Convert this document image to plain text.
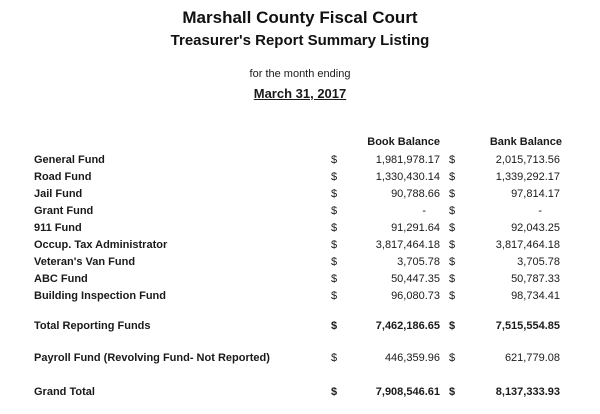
Marshall County Fiscal Court
Treasurer's Report Summary Listing
for the month ending
March 31, 2017
Book Balance	Bank Balance
General Fund	$	1,981,978.17 $	2,015,713.56
Road Fund	$	1,330,430.14 $	1,339,292.17
Jail Fund	$	90,788.66 $	97,814.17
Grant Fund	$	-	$	-
911 Fund	$	91,291.64 $	92,043.25
Occup. Tax Administrator	$	3,817,464.18 $	3,817,464.18
Veteran's Van Fund	$	3,705.78 $	3,705.78
ABC Fund	$	50,447.35 $	50,787.33
Building Inspection Fund	$	96,080.73 $	98,734.41
Total Reporting Funds	$	7,462,186.65 $	7,515,554.85
Payroll Fund (Revolving Fund- Not Reported)	$	446,359.96 $	621,779.08
Grand Total	$	7,908,546.61 $	8,137,333.93
